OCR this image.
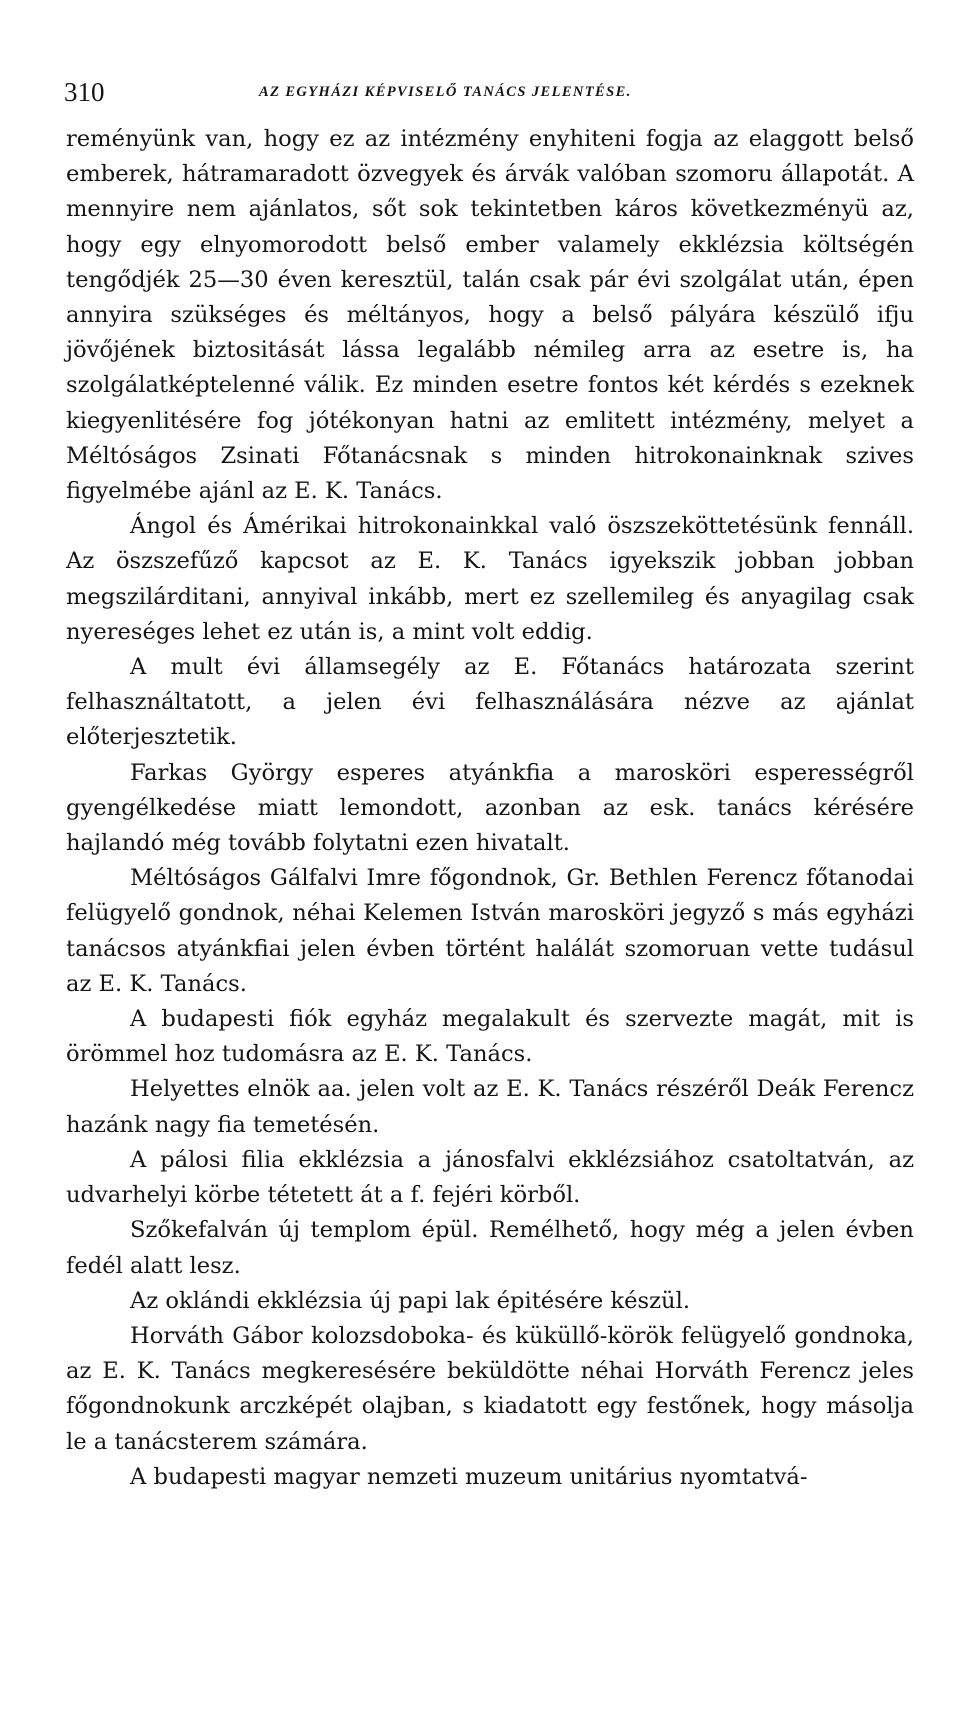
310	AZ EGYHÁZI KÉPVISELŐ TANÁCS JELENTÉSE.

reményünk van, hogy ez az intézmény enyhiteni fogja az elaggott belső emberek, hátramaradott özvegyek és árvák valóban szomoru állapotát. A mennyire nem ajánlatos, sőt sok tekintetben káros következményü az, hogy egy elnyomorodott belső ember valamely ekklézsia költségén tengődjék 25—30 éven keresztül, talán csak pár évi szolgálat után, épen annyira szükséges és méltányos, hogy a belső pályára készülő ifju jövőjének biztositását lássa legalább némileg arra az esetre is, ha szolgálatképtelenné válik. Ez minden esetre fontos két kérdés s ezeknek kiegyenlitésére fog jótékonyan hatni az emlitett intézmény, melyet a Méltóságos Zsinati Főtanácsnak s minden hitrokonainknak szives figyelmébe ajánl az E. K. Tanács.

Ángol és Ámérikai hitrokonainkkal való öszszeköttetésünk fennáll. Az öszszefűző kapcsot az E. K. Tanács igyekszik jobban jobban megszilárditani, annyival inkább, mert ez szellemileg és anyagilag csak nyereséges lehet ez után is, a mint volt eddig.

A mult évi államsegély az E. Főtanács határozata szerint felhasználtatott, a jelen évi felhasználására nézve az ajánlat előterjesztetik.

Farkas György esperes atyánkfia a marosköri esperességről gyengélkedése miatt lemondott, azonban az esk. tanács kérésére hajlandó még tovább folytatni ezen hivatalt.

Méltóságos Gálfalvi Imre főgondnok, Gr. Bethlen Ferencz főtanodai felügyelő gondnok, néhai Kelemen István marosköri jegyző s más egyházi tanácsos atyánkfiai jelen évben történt halálát szomoruan vette tudásul az E. K. Tanács.

A budapesti fiók egyház megalakult és szervezte magát, mit is örömmel hoz tudomásra az E. K. Tanács.

Helyettes elnök aa. jelen volt az E. K. Tanács részéről Deák Ferencz hazánk nagy fia temetésén.

A pálosi filia ekklézsia a jánosfalvi ekklézsiához csatoltatván, az udvarhelyi körbe tétetett át a f. fejéri körből.

Szőkefalván új templom épül. Remélhető, hogy még a jelen évben fedél alatt lesz.

Az oklándi ekklézsia új papi lak épitésére készül.

Horváth Gábor kolozsdoboka- és küküllő-körök felügyelő gondnoka, az E. K. Tanács megkeresésére beküldötte néhai Horváth Ferencz jeles főgondnokunk arczképét olajban, s kiadatott egy festőnek, hogy másolja le a tanácsterem számára.

A budapesti magyar nemzeti muzeum unitárius nyomtatvá-
